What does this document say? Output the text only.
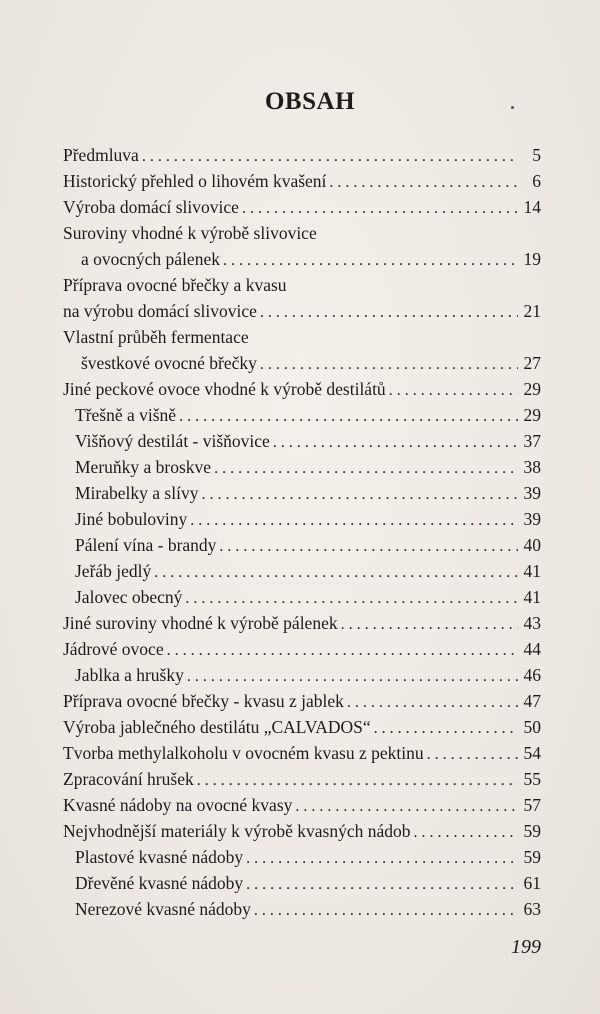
OBSAH
Předmluva . . .	5
Historický přehled o lihovém kvašení . . .	6
Výroba domácí slivovice . . .	14
Suroviny vhodné k výrobě slivovice
a ovocných pálenek . . .	19
Příprava ovocné břečky a kvasu
na výrobu domácí slivovice . . .	21
Vlastní průběh fermentace
švestkové ovocné břečky . . .	27
Jiné peckové ovoce vhodné k výrobě destilátů . . .	29
Třešně a višně . . .	29
Višňový destilát - višňovice . . .	37
Meruňky a broskve . . .	38
Mirabelky a slívy . . .	39
Jiné bobuloviny . . .	39
Pálení vína - brandy . . .	40
Jeřáb jedlý . . .	41
Jalovec obecný . . .	41
Jiné suroviny vhodné k výrobě pálenek . . .	43
Jádrové ovoce . . .	44
Jablka a hrušky . . .	46
Příprava ovocné břečky - kvasu z jablek . . .	47
Výroba jablečného destilátu „CALVADOS“ . . .	50
Tvorba methylalkoholu v ovocném kvasu z pektinu . . .	54
Zpracování hrušek . . .	55
Kvasné nádoby na ovocné kvasy . . .	57
Nejvhodnější materiály k výrobě kvasných nádob . . .	59
Plastové kvasné nádoby . . .	59
Dřevěné kvasné nádoby . . .	61
Nerezové kvasné nádoby . . .	63
199
